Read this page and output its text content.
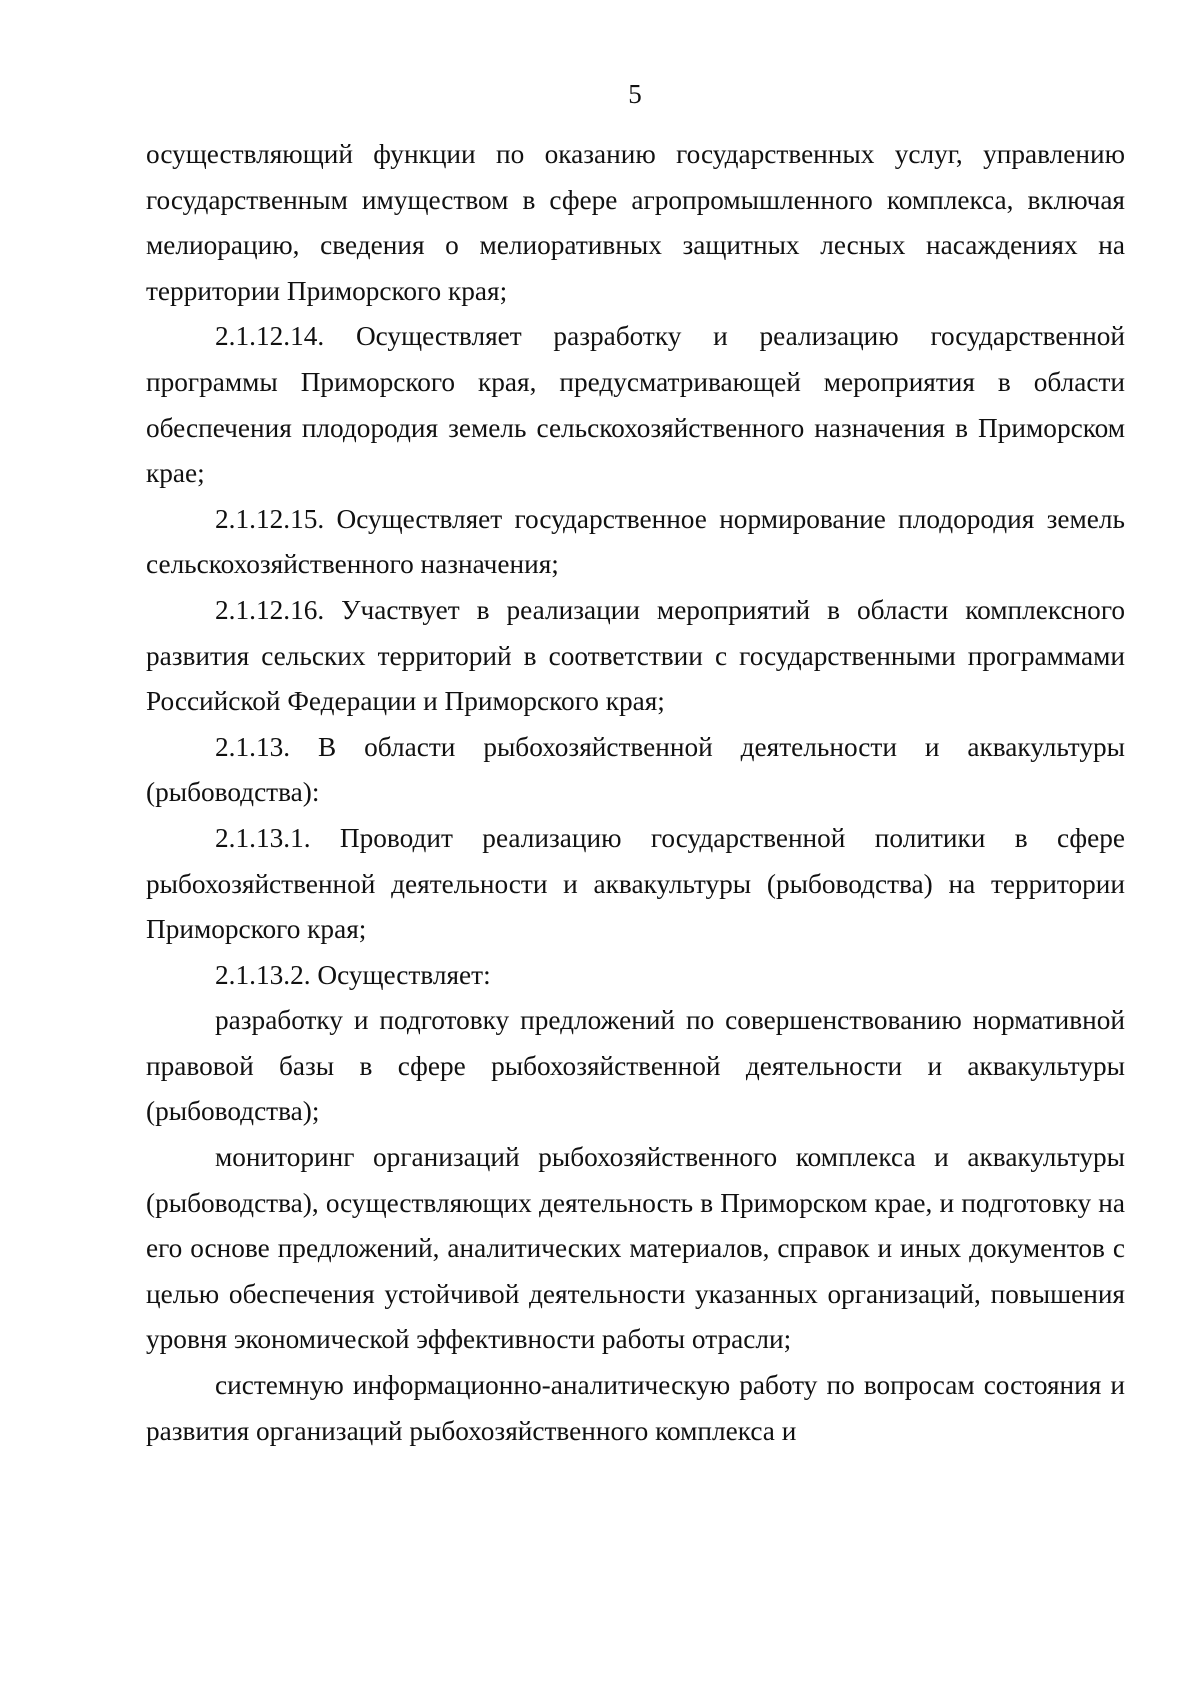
5

осуществляющий функции по оказанию государственных услуг, управлению государственным имуществом в сфере агропромышленного комплекса, включая мелиорацию, сведения о мелиоративных защитных лесных насаждениях на территории Приморского края;

2.1.12.14. Осуществляет разработку и реализацию государственной программы Приморского края, предусматривающей мероприятия в области обеспечения плодородия земель сельскохозяйственного назначения в Приморском крае;

2.1.12.15. Осуществляет государственное нормирование плодородия земель сельскохозяйственного назначения;

2.1.12.16. Участвует в реализации мероприятий в области комплексного развития сельских территорий в соответствии с государственными программами Российской Федерации и Приморского края;

2.1.13. В области рыбохозяйственной деятельности и аквакультуры (рыбоводства):

2.1.13.1. Проводит реализацию государственной политики в сфере рыбохозяйственной деятельности и аквакультуры (рыбоводства) на территории Приморского края;

2.1.13.2. Осуществляет:

разработку и подготовку предложений по совершенствованию нормативной правовой базы в сфере рыбохозяйственной деятельности и аквакультуры (рыбоводства);

мониторинг организаций рыбохозяйственного комплекса и аквакультуры (рыбоводства), осуществляющих деятельность в Приморском крае, и подготовку на его основе предложений, аналитических материалов, справок и иных документов с целью обеспечения устойчивой деятельности указанных организаций, повышения уровня экономической эффективности работы отрасли;

системную информационно-аналитическую работу по вопросам состояния и развития организаций рыбохозяйственного комплекса и
